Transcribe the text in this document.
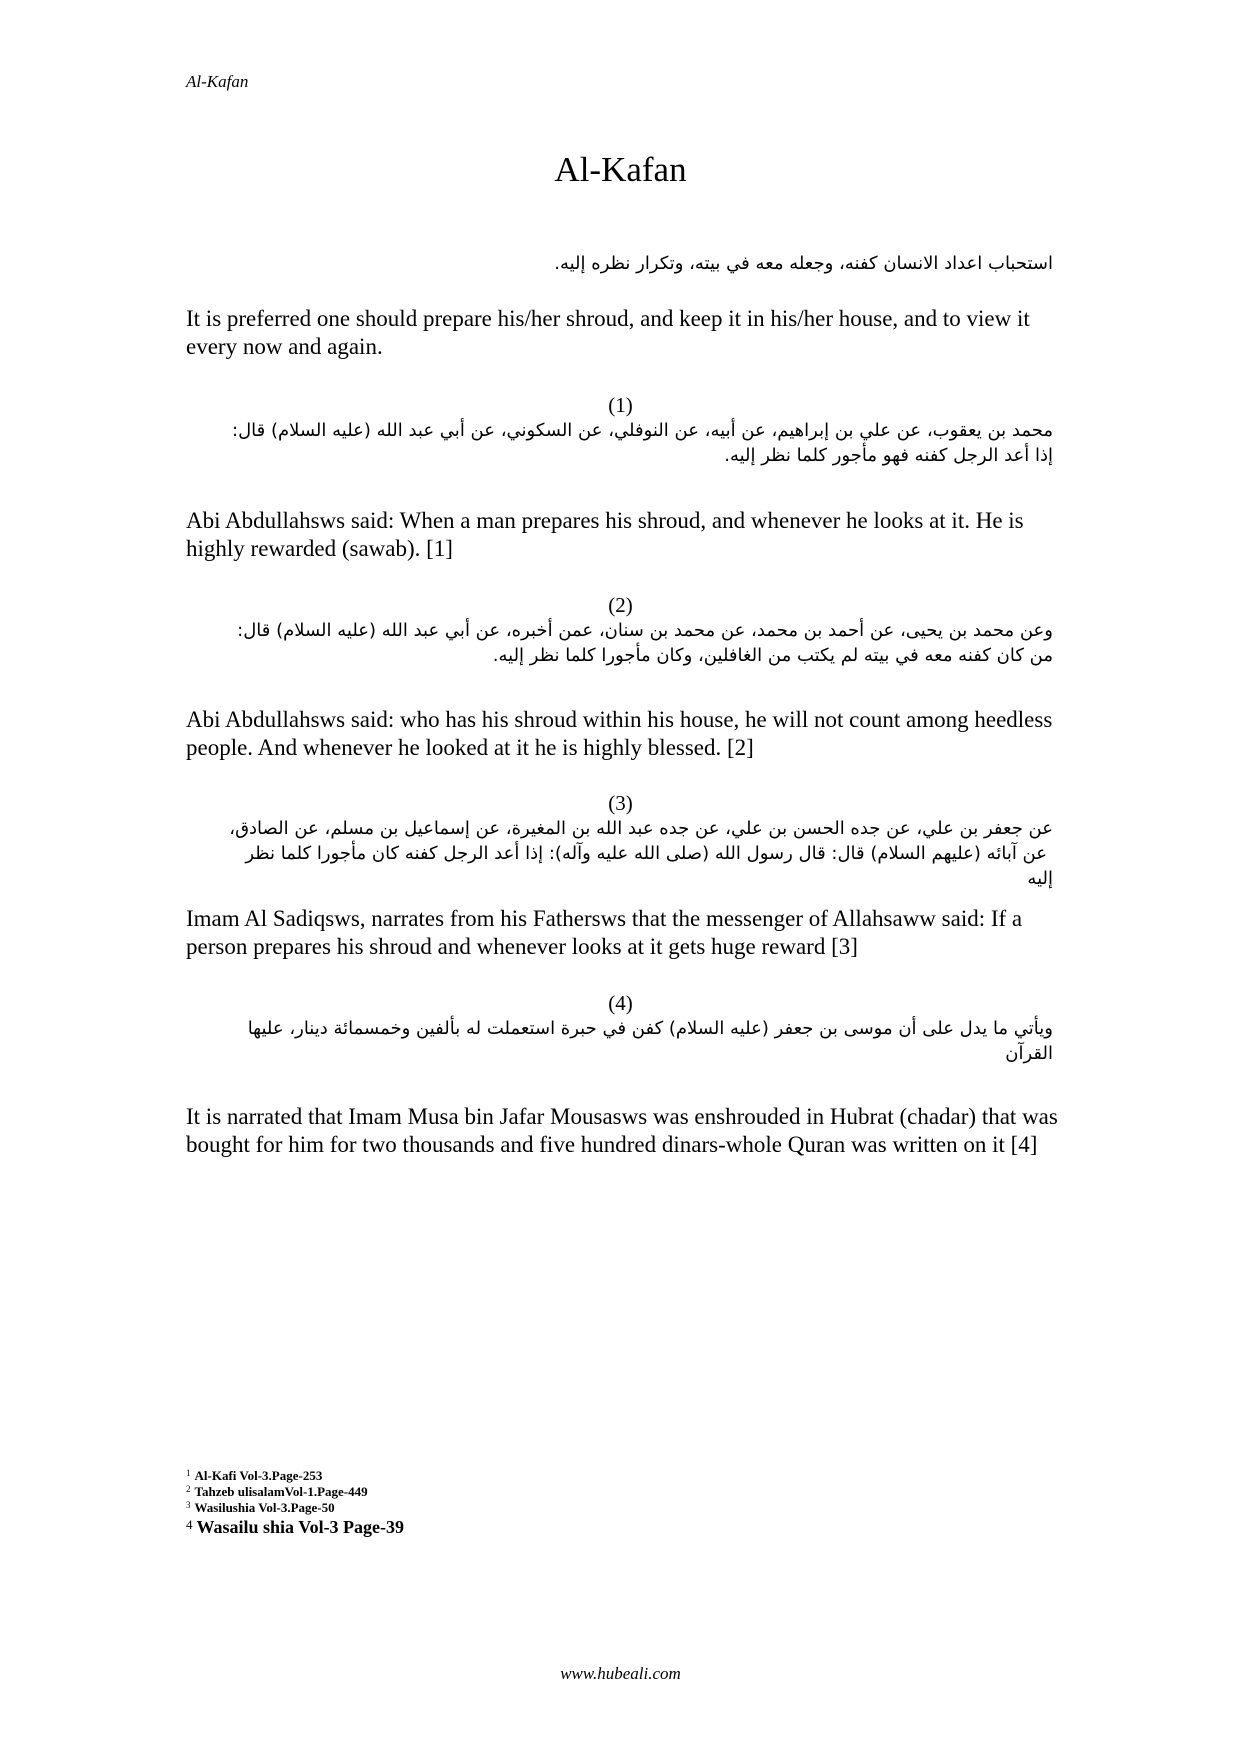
Al-Kafan
Al-Kafan
استحباب اعداد الانسان كفنه، وجعله معه في بيته، وتكرار نظره إليه.
It is preferred one should prepare his/her shroud, and keep it in his/her house, and to view it every now and again.
(1)
محمد بن يعقوب، عن علي بن إبراهيم، عن أبيه، عن النوفلي، عن السكوني، عن أبي عبد الله (عليه السلام) قال:
إذا أعد الرجل كفنه فهو مأجور كلما نظر إليه.
Abi Abdullahsws said: When a man prepares his shroud, and whenever he looks at it. He is highly rewarded (sawab). [1]
(2)
وعن محمد بن يحيى، عن أحمد بن محمد، عن محمد بن سنان، عمن أخبره، عن أبي عبد الله (عليه السلام) قال:
من كان كفنه معه في بيته لم يكتب من الغافلين، وكان مأجورا كلما نظر إليه.
Abi Abdullahsws said: who has his shroud within his house, he will not count among heedless people. And whenever he looked at it he is highly blessed. [2]
(3)
عن جعفر بن علي، عن جده الحسن بن علي، عن جده عبد الله بن المغيرة، عن إسماعيل بن مسلم، عن الصادق،
عن آبائه (عليهم السلام) قال: قال رسول الله (صلى الله عليه وآله): إذا أعد الرجل كفنه كان مأجورا كلما نظر
إليه
Imam Al Sadiqsws, narrates from his Fathersws that the messenger of Allahsaww said: If a person prepares his shroud and whenever looks at it gets huge reward [3]
(4)
ويأتي ما يدل على أن موسى بن جعفر (عليه السلام) كفن في حبرة استعملت له بألفين وخمسمائة دينار، عليها
القرآن
It is narrated that Imam Musa bin Jafar Mousasws was enshrouded in Hubrat (chadar) that was bought for him for two thousands and five hundred dinars-whole Quran was written on it [4]
$^1$ Al-Kafi Vol-3.Page-253
$^2$ Tahzeb ulisalamVol-1.Page-449
$^3$ Wasilushia Vol-3.Page-50
$^4$ Wasailu shia Vol-3 Page-39
www.hubeali.com
